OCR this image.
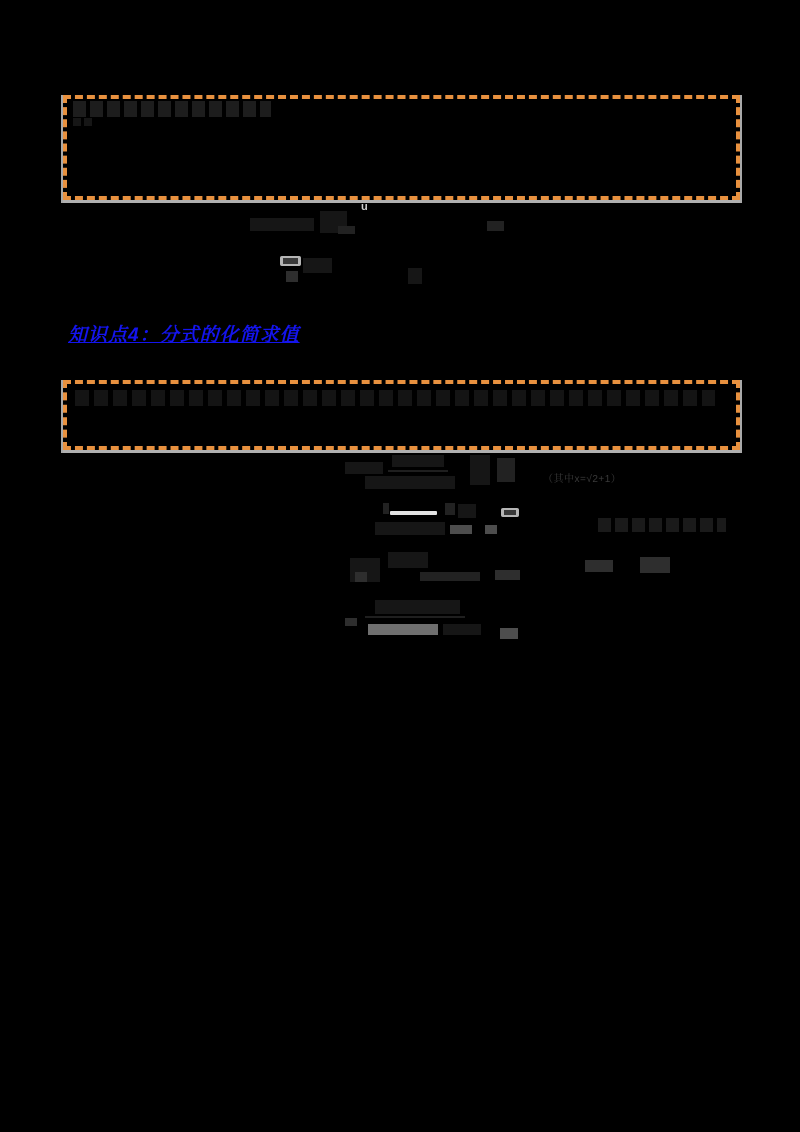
u
知识点4：分式的化简求值
（其中x=√2+1）
